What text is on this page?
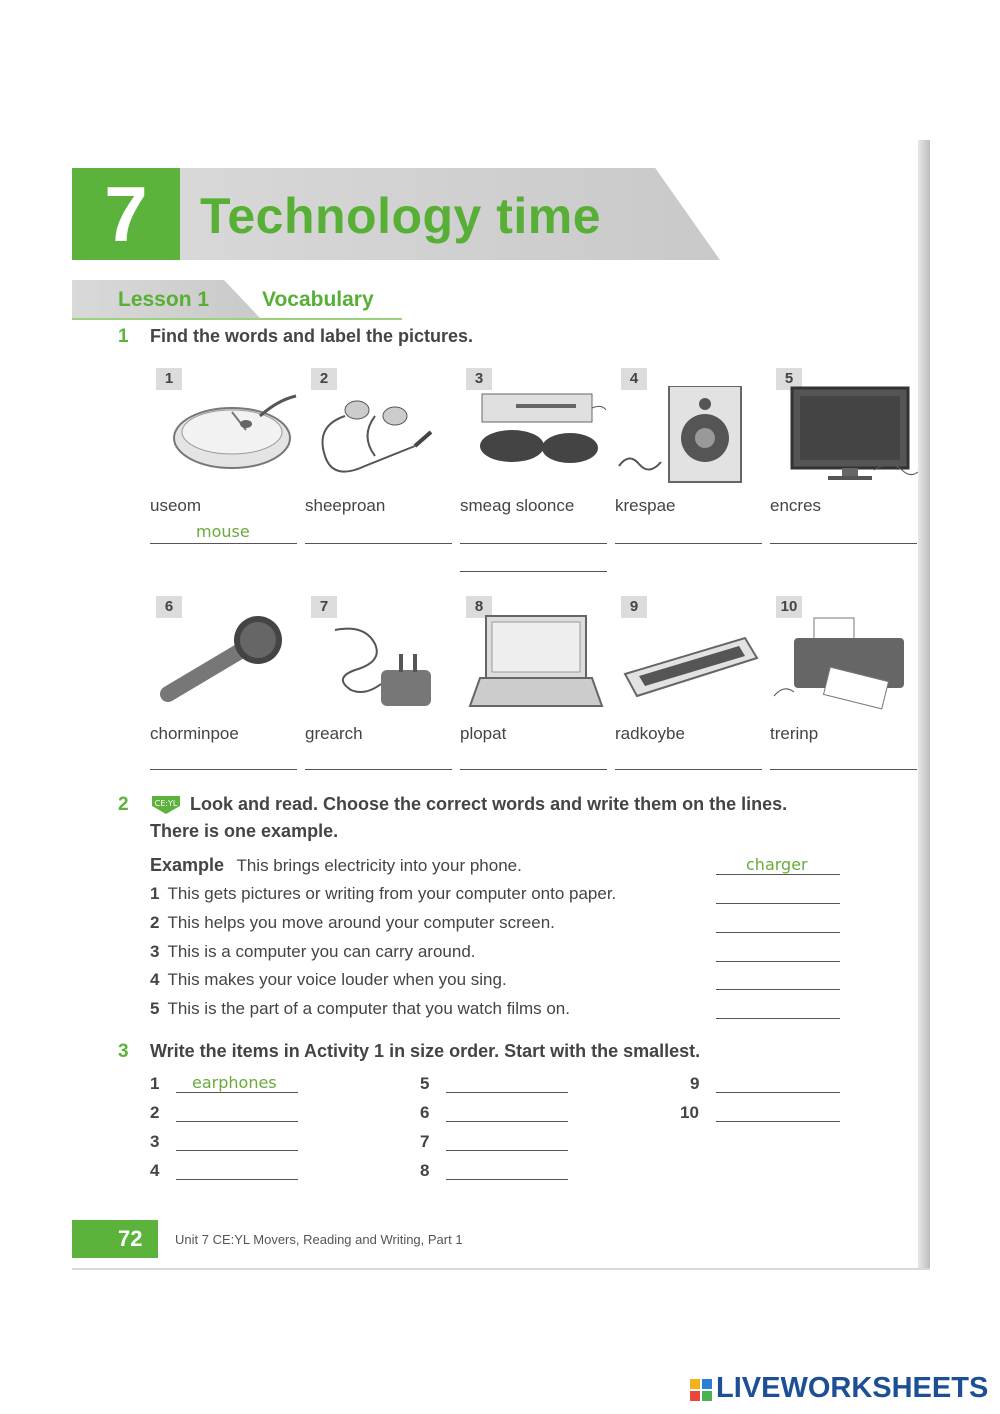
7	Technology time
Lesson 1	Vocabulary
1 Find the words and label the pictures.
1
useom
mouse
2
sheeproan
3
smeag sloonce
4
krespae
5
encres
6
chorminpoe
7
grearch
8
plopat
9
radkoybe
10
trerinp
2	CE:YL Look and read. Choose the correct words and write them on the lines.
There is one example.
Example This brings electricity into your phone.	charger
1 This gets pictures or writing from your computer onto paper.
2 This helps you move around your computer screen.
3 This is a computer you can carry around.
4 This makes your voice louder when you sing.
5 This is the part of a computer that you watch films on.
3 Write the items in Activity 1 in size order. Start with the smallest.
1 earphones
2
3
4
5
6
7
8
9
10
72	Unit 7 CE:YL Movers, Reading and Writing, Part 1
LIVEWORKSHEETS
